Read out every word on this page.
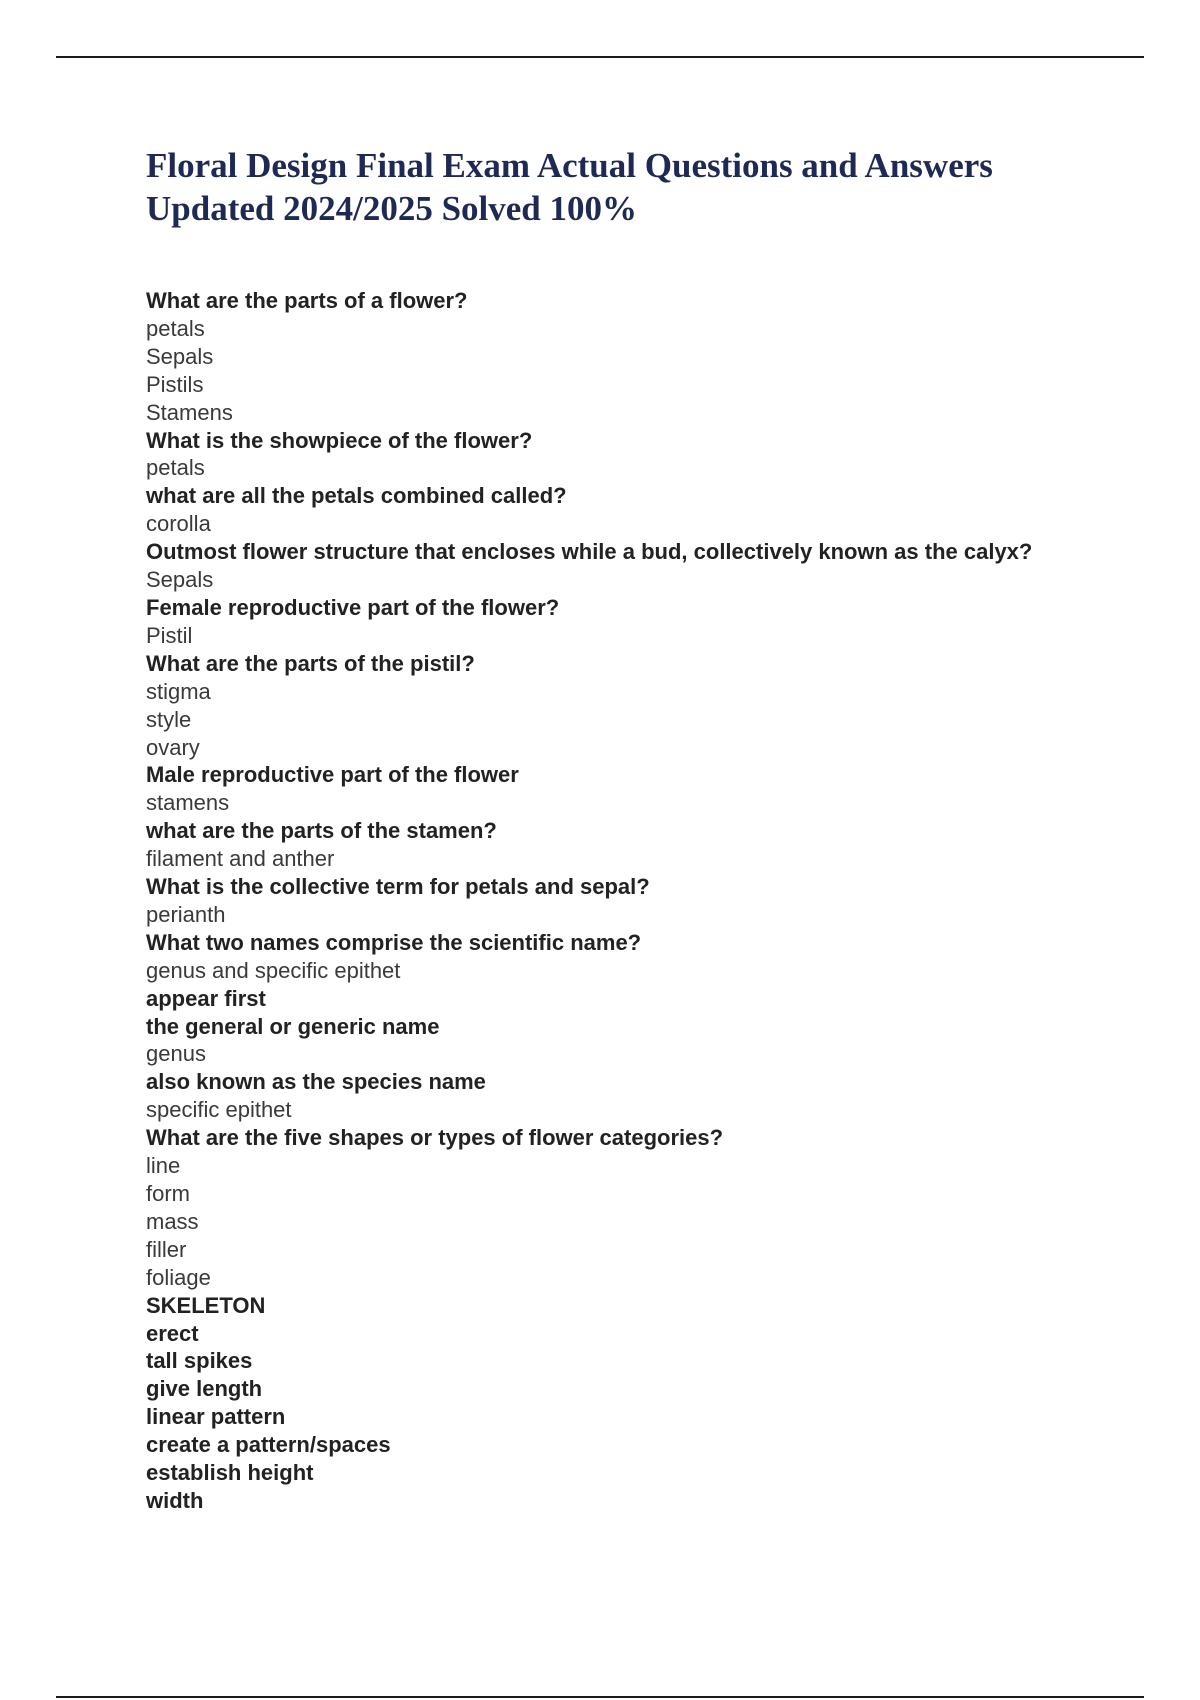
Floral Design Final Exam Actual Questions and Answers Updated 2024/2025 Solved 100%
What are the parts of a flower?
petals
Sepals
Pistils
Stamens
What is the showpiece of the flower?
petals
what are all the petals combined called?
corolla
Outmost flower structure that encloses while a bud, collectively known as the calyx?
Sepals
Female reproductive part of the flower?
Pistil
What are the parts of the pistil?
stigma
style
ovary
Male reproductive part of the flower
stamens
what are the parts of the stamen?
filament and anther
What is the collective term for petals and sepal?
perianth
What two names comprise the scientific name?
genus and specific epithet
appear first
the general or generic name
genus
also known as the species name
specific epithet
What are the five shapes or types of flower categories?
line
form
mass
filler
foliage
SKELETON
erect
tall spikes
give length
linear pattern
create a pattern/spaces
establish height
width
